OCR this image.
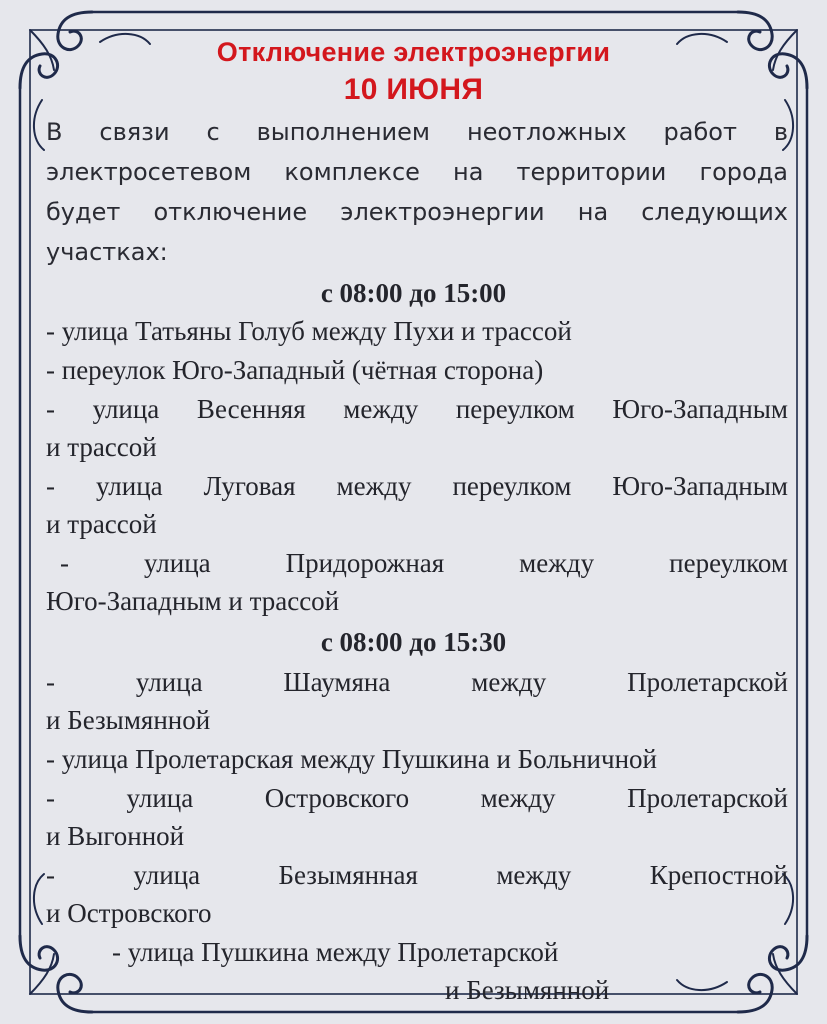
Отключение электроэнергии
10 ИЮНЯ
В связи с выполнением неотложных работ в
электросетевом комплексе на территории города
будет отключение электроэнергии на следующих
участках:
с 08:00 до 15:00
- улица Татьяны Голуб между Пухи и трассой
- переулок Юго-Западный (чётная сторона)
- улица Весенняя между переулком Юго-Западным
и трассой
- улица Луговая между переулком Юго-Западным
и трассой
- улица Придорожная между переулком
Юго-Западным и трассой
с 08:00 до 15:30
- улица Шаумяна между Пролетарской
и Безымянной
- улица Пролетарская между Пушкина и Больничной
- улица Островского между Пролетарской
и Выгонной
- улица Безымянная между Крепостной
и Островского
- улица Пушкина между Пролетарской
и Безымянной
